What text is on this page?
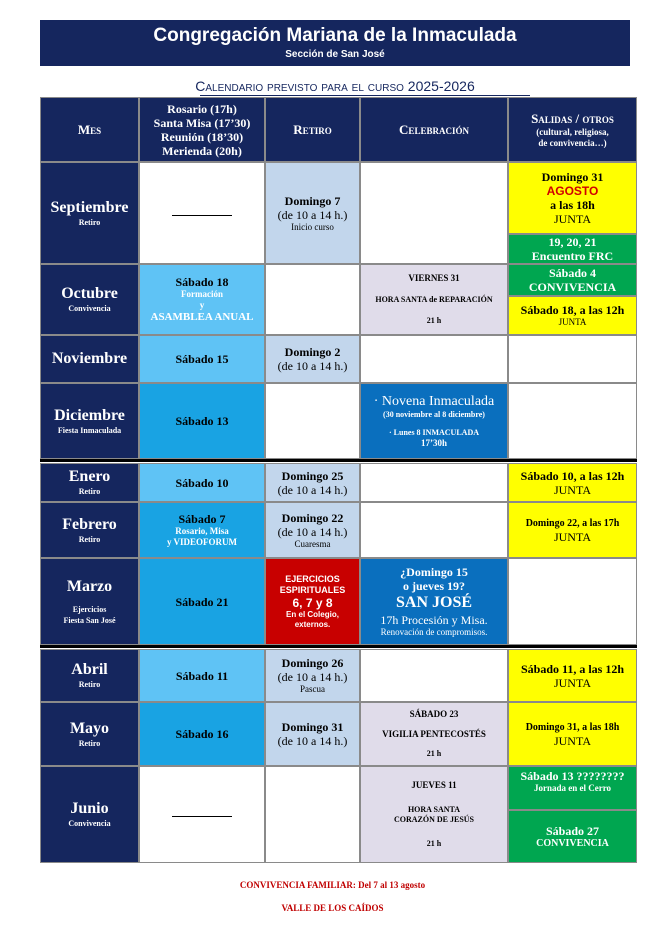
Congregación Mariana de la Inmaculada
Sección de San José
Calendario previsto para el curso 2025-2026
Mes
Rosario (17h)
Santa Misa (17’30)
Reunión (18’30)
Merienda (20h)
Retiro	Celebración
Salidas / otros
(cultural, religiosa,
de convivencia…)
Septiembre
Retiro
Octubre
Convivencia
Noviembre
Diciembre
Fiesta Inmaculada
Enero
Retiro
Febrero
Retiro
Marzo
Ejercicios
Fiesta San José
Abril
Retiro
Mayo
Retiro
Junio
Convivencia
Sábado 18
Formación
y
ASAMBLEA ANUAL
Sábado 15
Sábado 13
Sábado 10
Sábado 7
Rosario, Misa
y VIDEOFORUM
Sábado 21
Sábado 11
Sábado 16
Domingo 7
(de 10 a 14 h.)
Inicio curso
Domingo 2
(de 10 a 14 h.)
Domingo 25
(de 10 a 14 h.)
Domingo 22
(de 10 a 14 h.)
Cuaresma
EJERCICIOS ESPIRITUALES
6, 7 y 8
En el Colegio,
externos.
Domingo 26
(de 10 a 14 h.)
Pascua
Domingo 31
(de 10 a 14 h.)
VIERNES 31
HORA SANTA de REPARACIÓN
21 h
· Novena Inmaculada
(30 noviembre al 8 diciembre)
· Lunes 8 INMACULADA
17’30h
¿Domingo 15
o jueves 19?
SAN JOSÉ
17h Procesión y Misa.
Renovación de compromisos.
SÁBADO 23
VIGILIA PENTECOSTÉS
21 h
JUEVES 11
HORA SANTA
CORAZÓN DE JESÚS
21 h
Domingo 31
AGOSTO
a las 18h
JUNTA
19, 20, 21
Encuentro FRC
Sábado 4
CONVIVENCIA
Sábado 18, a las 12h
JUNTA
Sábado 10, a las 12h
JUNTA
Domingo 22, a las 17h
JUNTA
Sábado 11, a las 12h
JUNTA
Domingo 31, a las 18h
JUNTA
Sábado 13 ????????
Jornada en el Cerro
Sábado 27
CONVIVENCIA
CONVIVENCIA FAMILIAR: Del 7 al 13 agosto
VALLE DE LOS CAÍDOS
